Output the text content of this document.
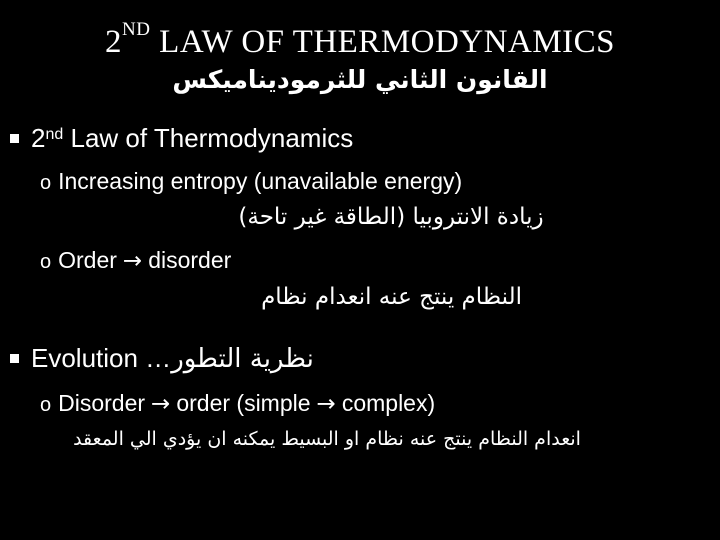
2ND LAW OF THERMODYNAMICS
القانون الثاني للثرموديناميكس
2nd Law of Thermodynamics
o Increasing entropy (unavailable energy)
زيادة الانتروبيا (الطاقة غير تاحة)
o Order → disorder
النظام ينتج عنه انعدام نظام
Evolution …نظرية التطور
o Disorder → order (simple → complex)
انعدام النظام ينتج عنه نظام او البسيط يمكنه ان يؤدي الي المعقد
